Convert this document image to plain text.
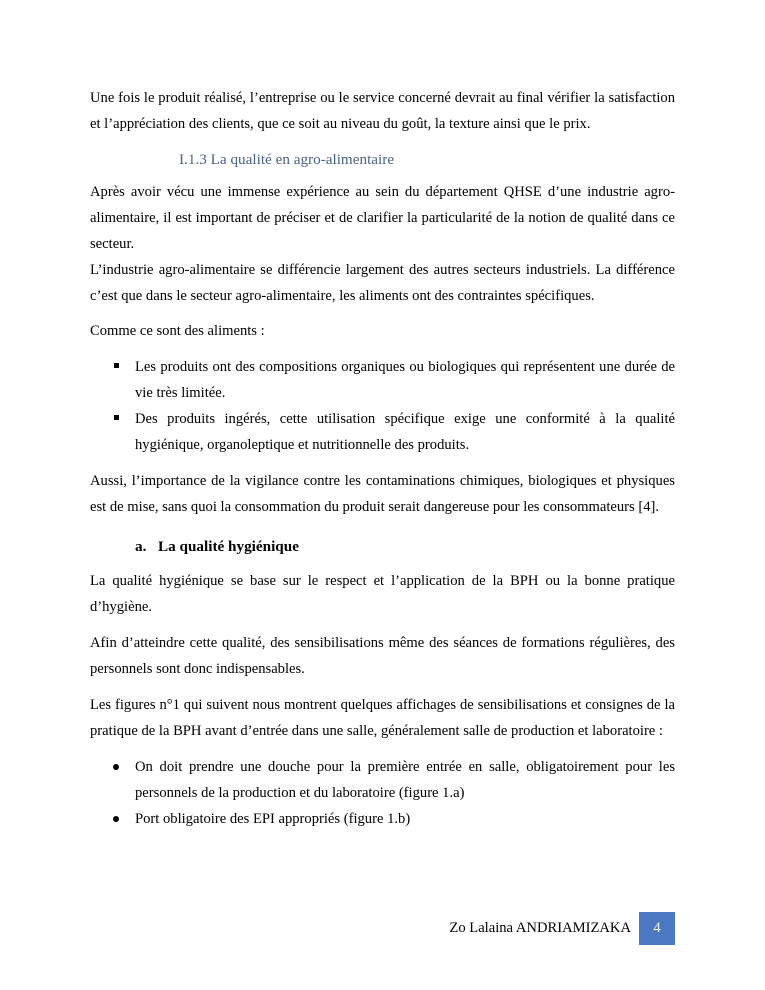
Une fois le produit réalisé, l’entreprise ou le service concerné devrait au final vérifier la satisfaction et l’appréciation des clients, que ce soit au niveau du goût, la texture ainsi que le prix.

I.1.3 La qualité en agro-alimentaire

Après avoir vécu une immense expérience au sein du département QHSE d’une industrie agro-alimentaire, il est important de préciser et de clarifier la particularité de la notion de qualité dans ce secteur.

L’industrie agro-alimentaire se différencie largement des autres secteurs industriels. La différence c’est que dans le secteur agro-alimentaire, les aliments ont des contraintes spécifiques.

Comme ce sont des aliments :

Les produits ont des compositions organiques ou biologiques qui représentent une durée de vie très limitée.
Des produits ingérés, cette utilisation spécifique exige une conformité à la qualité hygiénique, organoleptique et nutritionnelle des produits.

Aussi, l’importance de la vigilance contre les contaminations chimiques, biologiques et physiques est de mise, sans quoi la consommation du produit serait dangereuse pour les consommateurs [4].

a. La qualité hygiénique

La qualité hygiénique se base sur le respect et l’application de la BPH ou la bonne pratique d’hygiène.

Afin d’atteindre cette qualité, des sensibilisations même des séances de formations régulières, des personnels sont donc indispensables.

Les figures n°1 qui suivent nous montrent quelques affichages de sensibilisations et consignes de la pratique de la BPH avant d’entrée dans une salle, généralement salle de production et laboratoire :

On doit prendre une douche pour la première entrée en salle, obligatoirement pour les personnels de la production et du laboratoire (figure 1.a)
Port obligatoire des EPI appropriés (figure 1.b)
Zo Lalaina ANDRIAMIZAKA	4
